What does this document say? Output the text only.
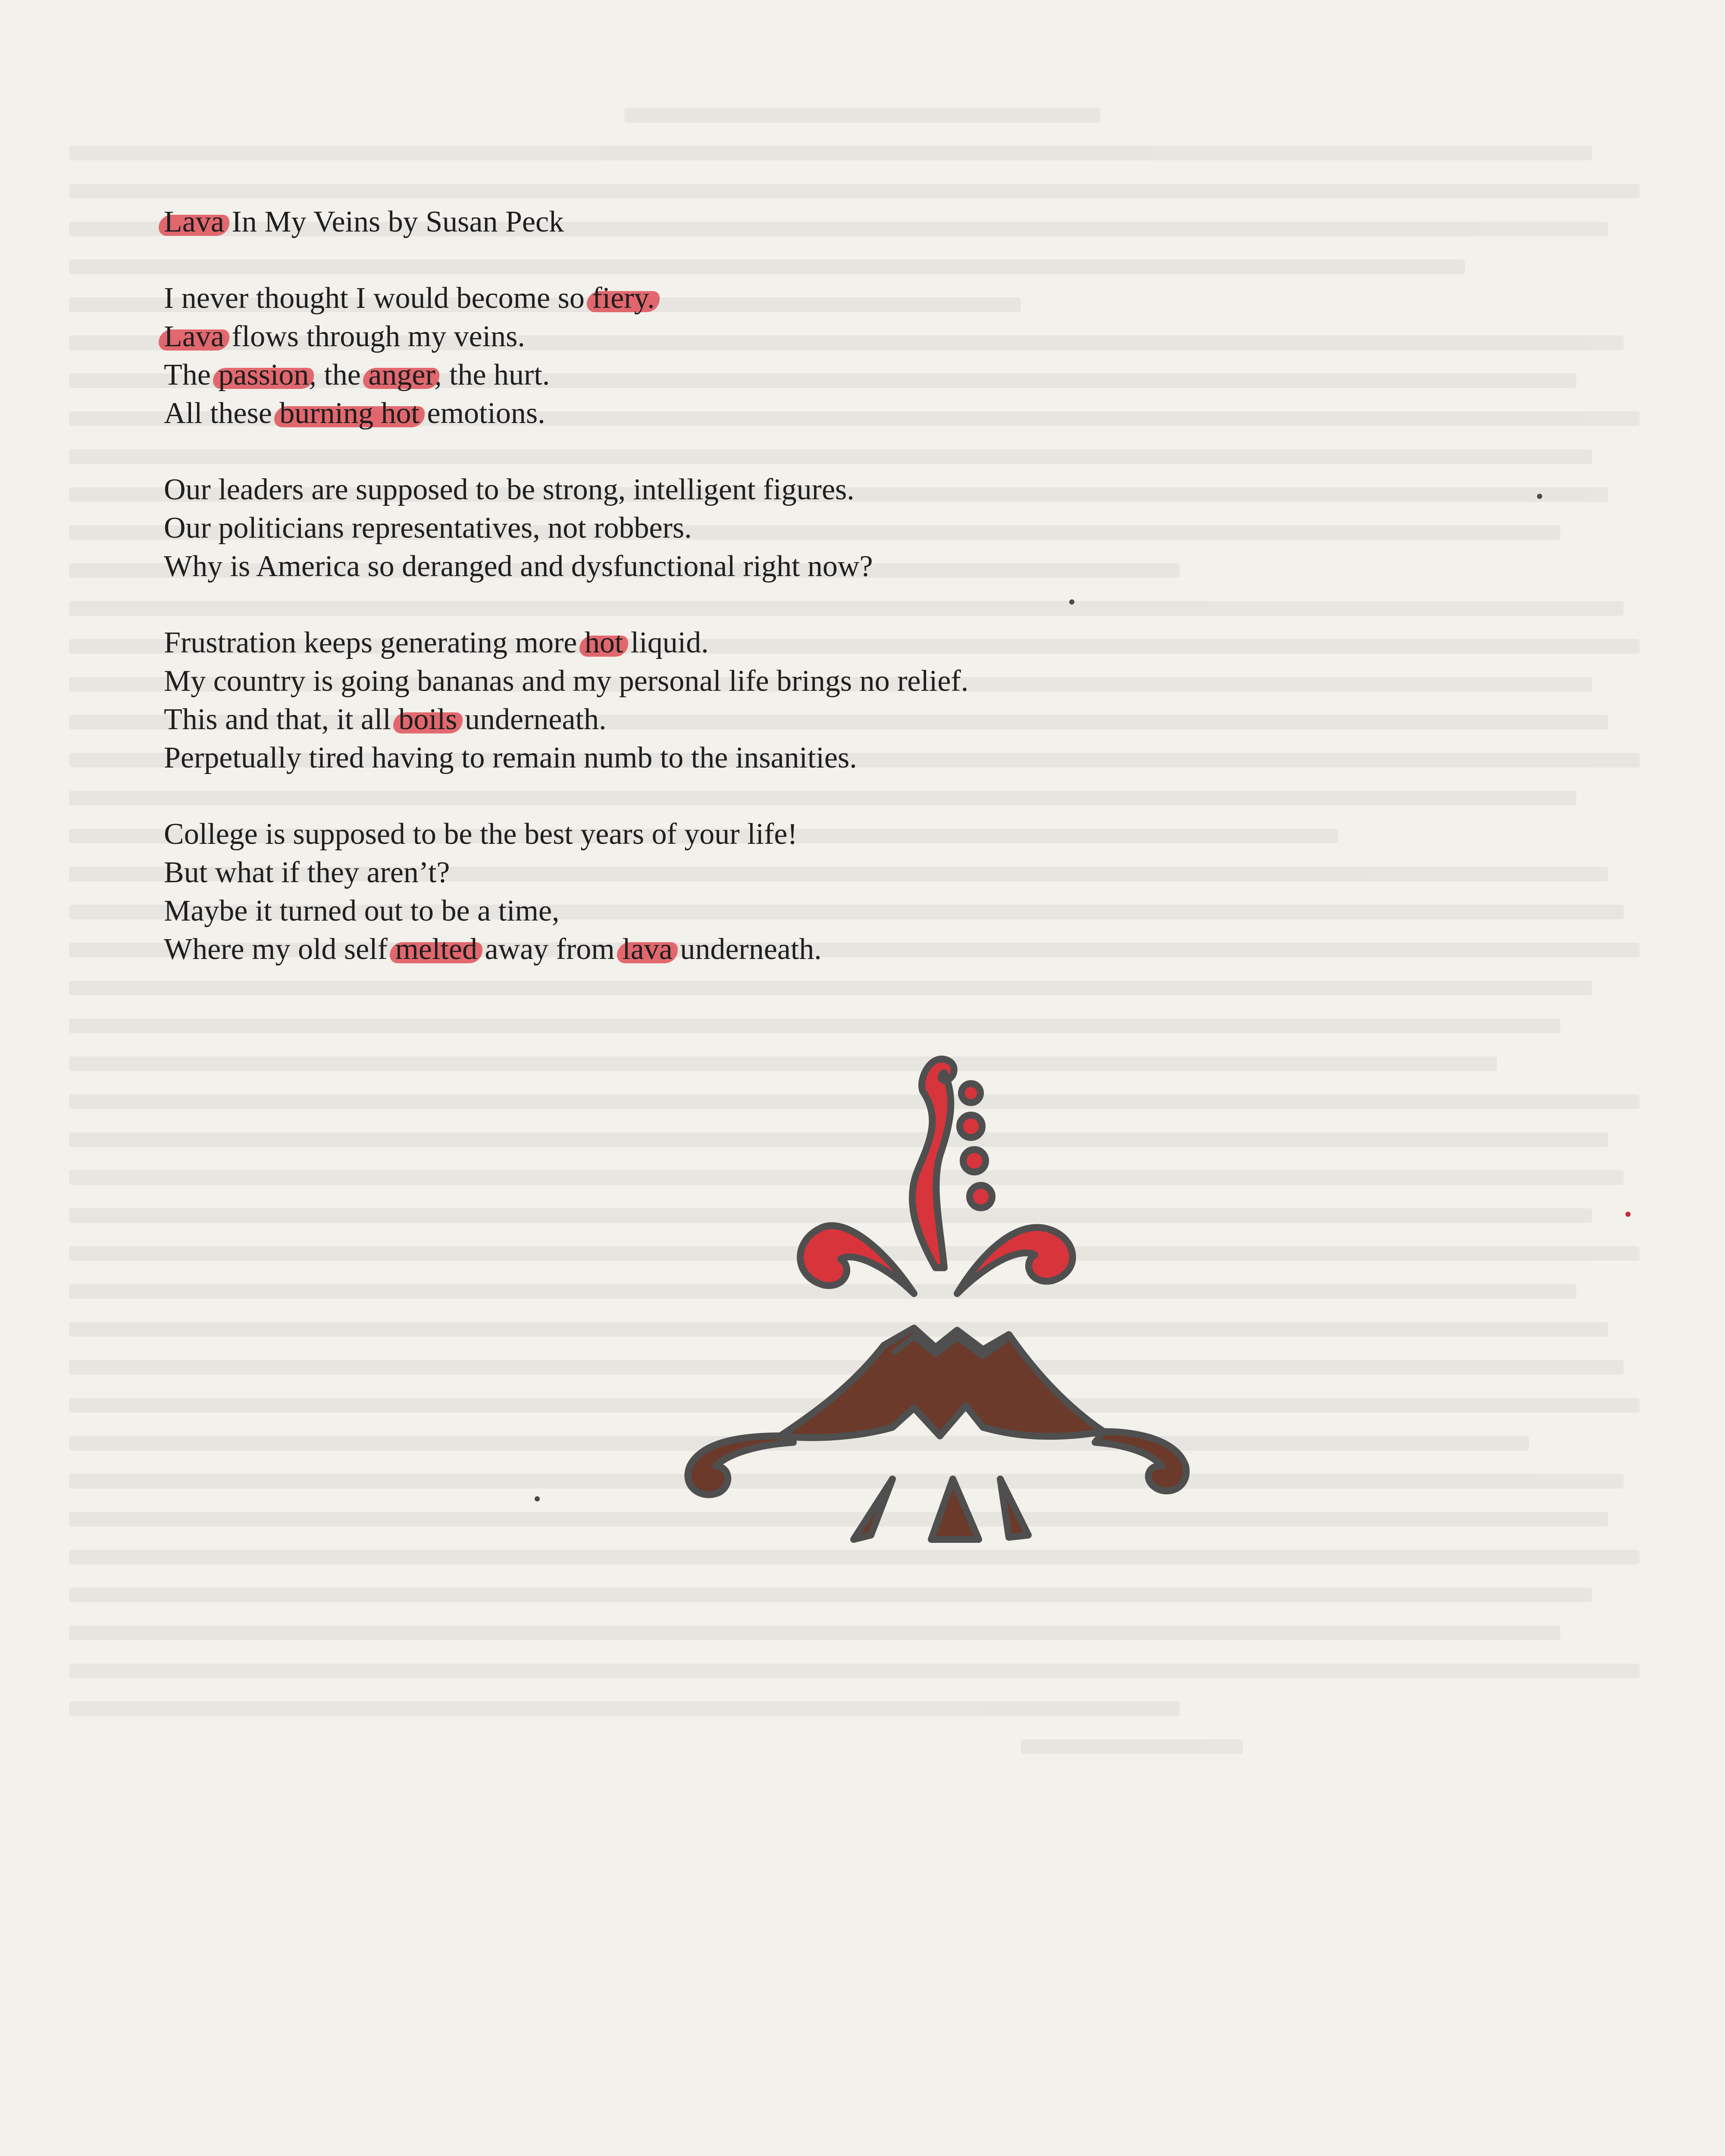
Lava In My Veins by Susan Peck
I never thought I would become so fiery.
Lava flows through my veins.
The passion, the anger, the hurt.
All these burning hot emotions.
Our leaders are supposed to be strong, intelligent figures.
Our politicians representatives, not robbers.
Why is America so deranged and dysfunctional right now?
Frustration keeps generating more hot liquid.
My country is going bananas and my personal life brings no relief.
This and that, it all boils underneath.
Perpetually tired having to remain numb to the insanities.
College is supposed to be the best years of your life!
But what if they aren’t?
Maybe it turned out to be a time,
Where my old self melted away from lava underneath.
